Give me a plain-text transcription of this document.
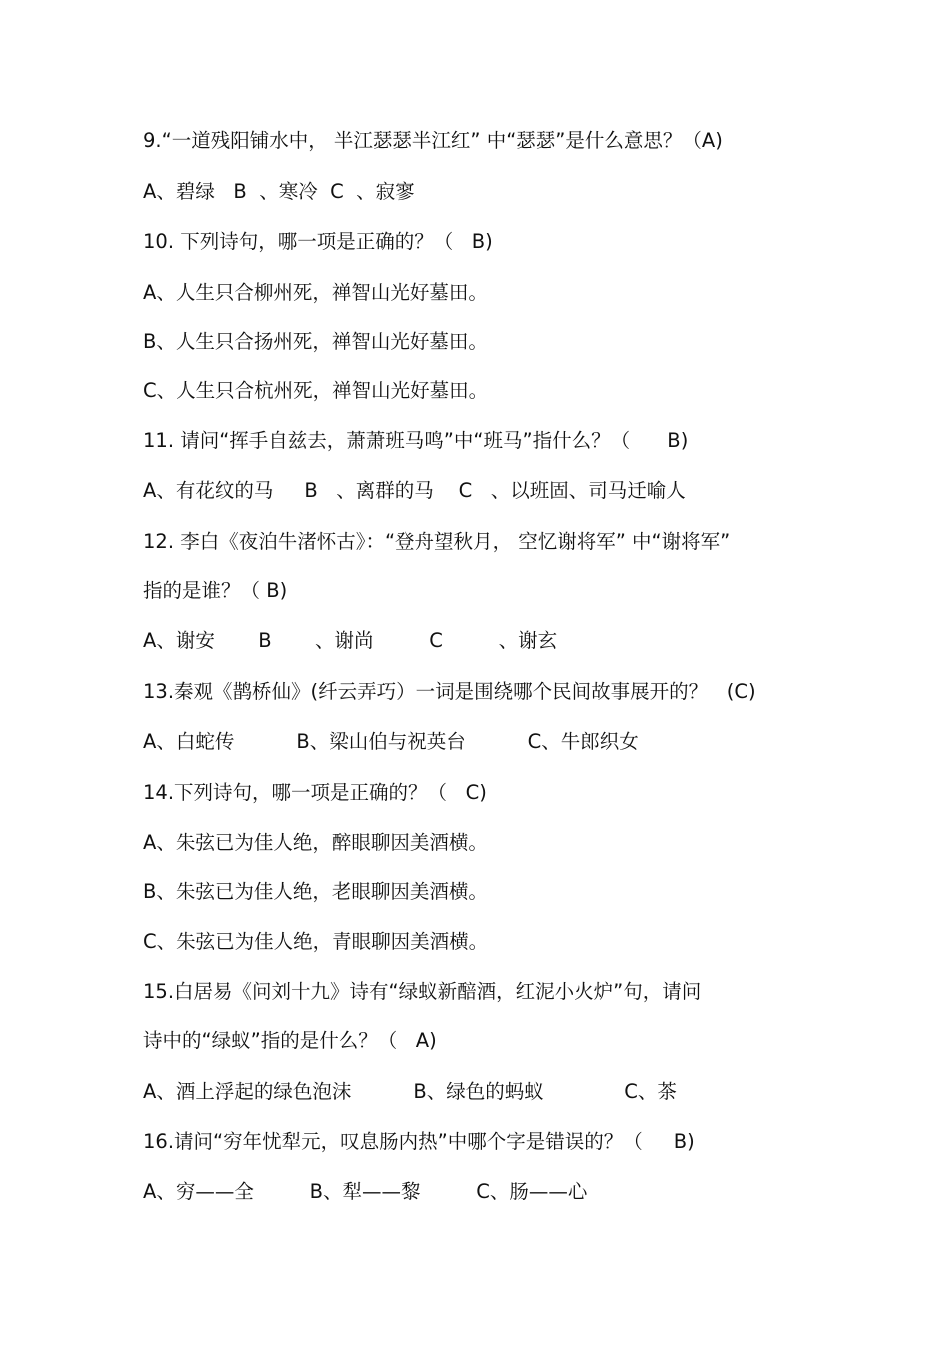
9.“一道残阳铺水中， 半江瑟瑟半江红” 中“瑟瑟”是什么意思？（A)
A、碧绿   B  、寒冷  C  、寂寥
10. 下列诗句，哪一项是正确的？（   B)
A、人生只合柳州死，禅智山光好墓田。
B、人生只合扬州死，禅智山光好墓田。
C、人生只合杭州死，禅智山光好墓田。
11. 请问“挥手自兹去，萧萧班马鸣”中“班马”指什么？（      B)
A、有花纹的马     B   、离群的马    C   、以班固、司马迁喻人
12. 李白《夜泊牛渚怀古》：“登舟望秋月， 空忆谢将军” 中“谢将军”
指的是谁？（ B)
A、谢安       B       、谢尚         C         、谢玄
13.秦观《鹊桥仙》(纤云弄巧）一词是围绕哪个民间故事展开的？   (C)
A、白蛇传          B、梁山伯与祝英台          C、牛郎织女
14.下列诗句，哪一项是正确的？（   C)
A、朱弦已为佳人绝，醉眼聊因美酒横。
B、朱弦已为佳人绝，老眼聊因美酒横。
C、朱弦已为佳人绝，青眼聊因美酒横。
15.白居易《问刘十九》诗有“绿蚁新醅酒，红泥小火炉”句，请问
诗中的“绿蚁”指的是什么？（   A)
A、酒上浮起的绿色泡沫          B、绿色的蚂蚁             C、茶
16.请问“穷年忧犁元，叹息肠内热”中哪个字是错误的？（     B)
A、穷——全         B、犁——黎         C、肠——心
